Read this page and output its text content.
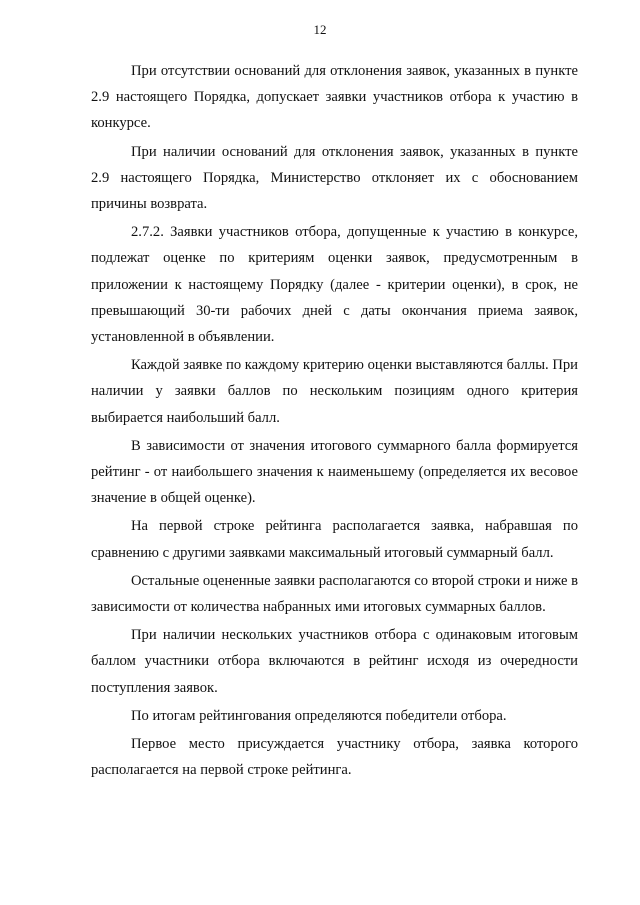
12

При отсутствии оснований для отклонения заявок, указанных в пункте 2.9 настоящего Порядка, допускает заявки участников отбора к участию в конкурсе.

При наличии оснований для отклонения заявок, указанных в пункте 2.9 настоящего Порядка, Министерство отклоняет их с обоснованием причины возврата.

2.7.2. Заявки участников отбора, допущенные к участию в конкурсе, подлежат оценке по критериям оценки заявок, предусмотренным в приложении к настоящему Порядку (далее - критерии оценки), в срок, не превышающий 30-ти рабочих дней с даты окончания приема заявок, установленной в объявлении.

Каждой заявке по каждому критерию оценки выставляются баллы. При наличии у заявки баллов по нескольким позициям одного критерия выбирается наибольший балл.

В зависимости от значения итогового суммарного балла формируется рейтинг - от наибольшего значения к наименьшему (определяется их весовое значение в общей оценке).

На первой строке рейтинга располагается заявка, набравшая по сравнению с другими заявками максимальный итоговый суммарный балл.

Остальные оцененные заявки располагаются со второй строки и ниже в зависимости от количества набранных ими итоговых суммарных баллов.

При наличии нескольких участников отбора с одинаковым итоговым баллом участники отбора включаются в рейтинг исходя из очередности поступления заявок.

По итогам рейтингования определяются победители отбора.

Первое место присуждается участнику отбора, заявка которого располагается на первой строке рейтинга.
